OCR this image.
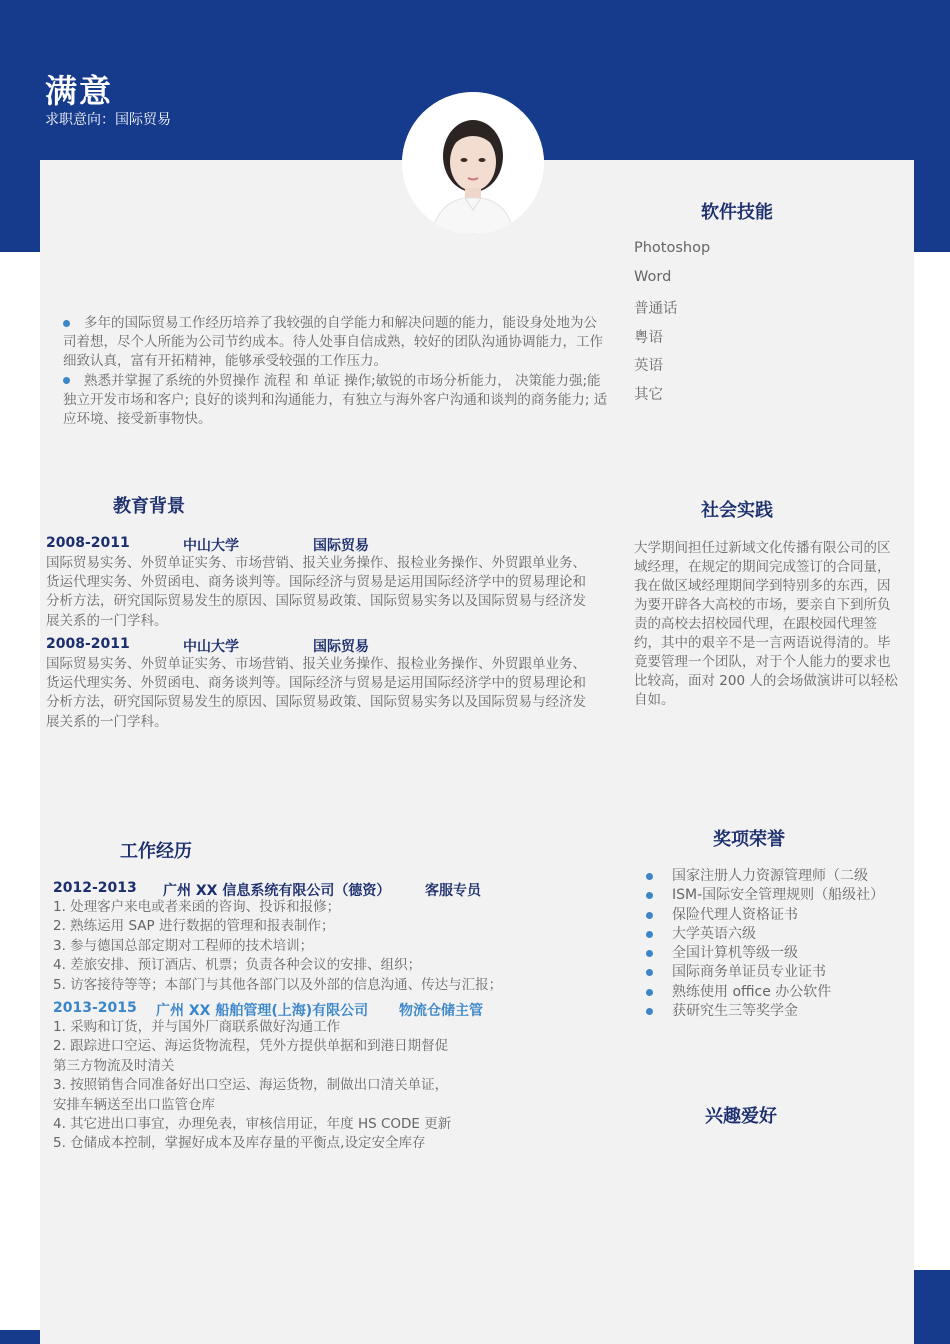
满意
求职意向：国际贸易

多年的国际贸易工作经历培养了我较强的自学能力和解决问题的能力，能设身处地为公司着想，尽个人所能为公司节约成本。待人处事自信成熟，较好的团队沟通协调能力，工作细致认真，富有开拓精神，能够承受较强的工作压力。

熟悉并掌握了系统的外贸操作 流程 和 单证 操作;敏锐的市场分析能力， 决策能力强;能独立开发市场和客户; 良好的谈判和沟通能力，有独立与海外客户沟通和谈判的商务能力; 适应环境、接受新事物快。

软件技能
Photoshop
Word
普通话
粤语
英语
其它
教育背景
2008-2011	中山大学	国际贸易
国际贸易实务、外贸单证实务、市场营销、报关业务操作、报检业务操作、外贸跟单业务、货运代理实务、外贸函电、商务谈判等。国际经济与贸易是运用国际经济学中的贸易理论和分析方法，研究国际贸易发生的原因、国际贸易政策、国际贸易实务以及国际贸易与经济发展关系的一门学科。
2008-2011	中山大学	国际贸易
国际贸易实务、外贸单证实务、市场营销、报关业务操作、报检业务操作、外贸跟单业务、货运代理实务、外贸函电、商务谈判等。国际经济与贸易是运用国际经济学中的贸易理论和分析方法，研究国际贸易发生的原因、国际贸易政策、国际贸易实务以及国际贸易与经济发展关系的一门学科。
社会实践
大学期间担任过新域文化传播有限公司的区域经理，在规定的期间完成签订的合同量，我在做区域经理期间学到特别多的东西，因为要开辟各大高校的市场，要亲自下到所负责的高校去招校园代理，在跟校园代理签约，其中的艰辛不是一言两语说得清的。毕竟要管理一个团队，对于个人能力的要求也比较高，面对 200 人的会场做演讲可以轻松自如。
工作经历
2012-2013 广州 XX 信息系统有限公司（德资） 客服专员
1. 处理客户来电或者来函的咨询、投诉和报修；
2. 熟练运用 SAP 进行数据的管理和报表制作；
3. 参与德国总部定期对工程师的技术培训；
4. 差旅安排、预订酒店、机票；负责各种会议的安排、组织；
5. 访客接待等等；本部门与其他各部门以及外部的信息沟通、传达与汇报；
2013-2015 广州 XX 船舶管理(上海)有限公司 物流仓储主管
1. 采购和订货，并与国外厂商联系做好沟通工作
2. 跟踪进口空运、海运货物流程，凭外方提供单据和到港日期督促
第三方物流及时清关
3. 按照销售合同准备好出口空运、海运货物，制做出口清关单证，
安排车辆送至出口监管仓库
4. 其它进出口事宜，办理免表，审核信用证，年度 HS CODE 更新
5. 仓储成本控制，掌握好成本及库存量的平衡点,设定安全库存
奖项荣誉
国家注册人力资源管理师（二级
ISM-国际安全管理规则（船级社）
保险代理人资格证书
大学英语六级
全国计算机等级一级
国际商务单证员专业证书
熟练使用 office 办公软件
获研究生三等奖学金
兴趣爱好
